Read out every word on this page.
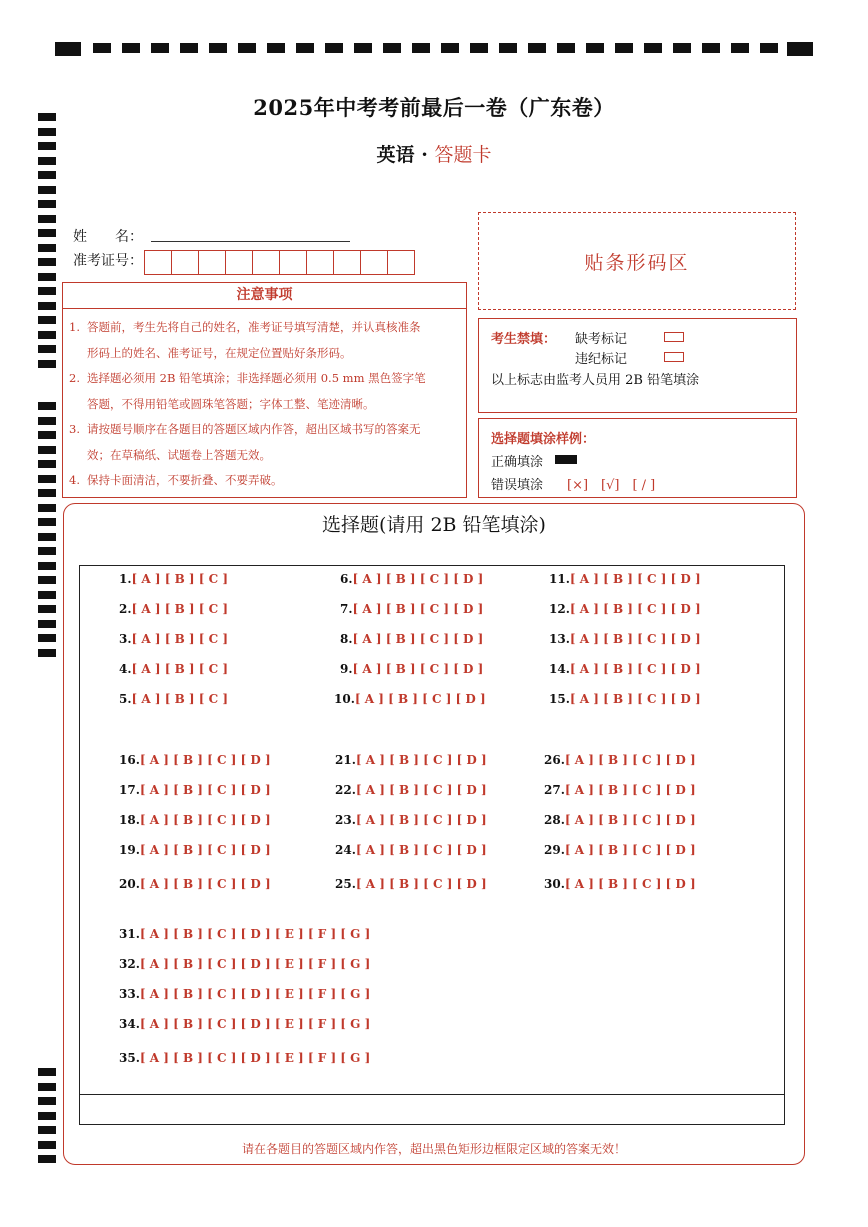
2025年中考考前最后一卷（广东卷）
英语 · 答题卡
姓　　名：
准考证号：	贴条形码区
注意事项
1. 答题前，考生先将自己的姓名，准考证号填写清楚，并认真核准条
形码上的姓名、准考证号，在规定位置贴好条形码。
2. 选择题必须用 2B 铅笔填涂；非选择题必须用 0.5 mm 黑色签字笔
答题，不得用铅笔或圆珠笔答题；字体工整、笔迹清晰。
3. 请按题号顺序在各题目的答题区域内作答，超出区域书写的答案无
效；在草稿纸、试题卷上答题无效。
4. 保持卡面清洁，不要折叠、不要弄破。
考生禁填： 缺考标记
违纪标记
以上标志由监考人员用 2B 铅笔填涂
选择题填涂样例：
正确填涂
错误填涂 [×]　[√]　[ / ]
选择题(请用 2B 铅笔填涂)
1.[ A ] [ B ] [ C ]
2.[ A ] [ B ] [ C ]
3.[ A ] [ B ] [ C ]
4.[ A ] [ B ] [ C ]
5.[ A ] [ B ] [ C ]
6.[ A ] [ B ] [ C ] [ D ]
7.[ A ] [ B ] [ C ] [ D ]
8.[ A ] [ B ] [ C ] [ D ]
9.[ A ] [ B ] [ C ] [ D ]
10.[ A ] [ B ] [ C ] [ D ]
11.[ A ] [ B ] [ C ] [ D ]
12.[ A ] [ B ] [ C ] [ D ]
13.[ A ] [ B ] [ C ] [ D ]
14.[ A ] [ B ] [ C ] [ D ]
15.[ A ] [ B ] [ C ] [ D ]
16.[ A ] [ B ] [ C ] [ D ]
17.[ A ] [ B ] [ C ] [ D ]
18.[ A ] [ B ] [ C ] [ D ]
19.[ A ] [ B ] [ C ] [ D ]
20.[ A ] [ B ] [ C ] [ D ]
21.[ A ] [ B ] [ C ] [ D ]
22.[ A ] [ B ] [ C ] [ D ]
23.[ A ] [ B ] [ C ] [ D ]
24.[ A ] [ B ] [ C ] [ D ]
25.[ A ] [ B ] [ C ] [ D ]
26.[ A ] [ B ] [ C ] [ D ]
27.[ A ] [ B ] [ C ] [ D ]
28.[ A ] [ B ] [ C ] [ D ]
29.[ A ] [ B ] [ C ] [ D ]
30.[ A ] [ B ] [ C ] [ D ]
31.[ A ] [ B ] [ C ] [ D ] [ E ] [ F ] [ G ]
32.[ A ] [ B ] [ C ] [ D ] [ E ] [ F ] [ G ]
33.[ A ] [ B ] [ C ] [ D ] [ E ] [ F ] [ G ]
34.[ A ] [ B ] [ C ] [ D ] [ E ] [ F ] [ G ]
35.[ A ] [ B ] [ C ] [ D ] [ E ] [ F ] [ G ]
请在各题目的答题区域内作答，超出黑色矩形边框限定区域的答案无效！
